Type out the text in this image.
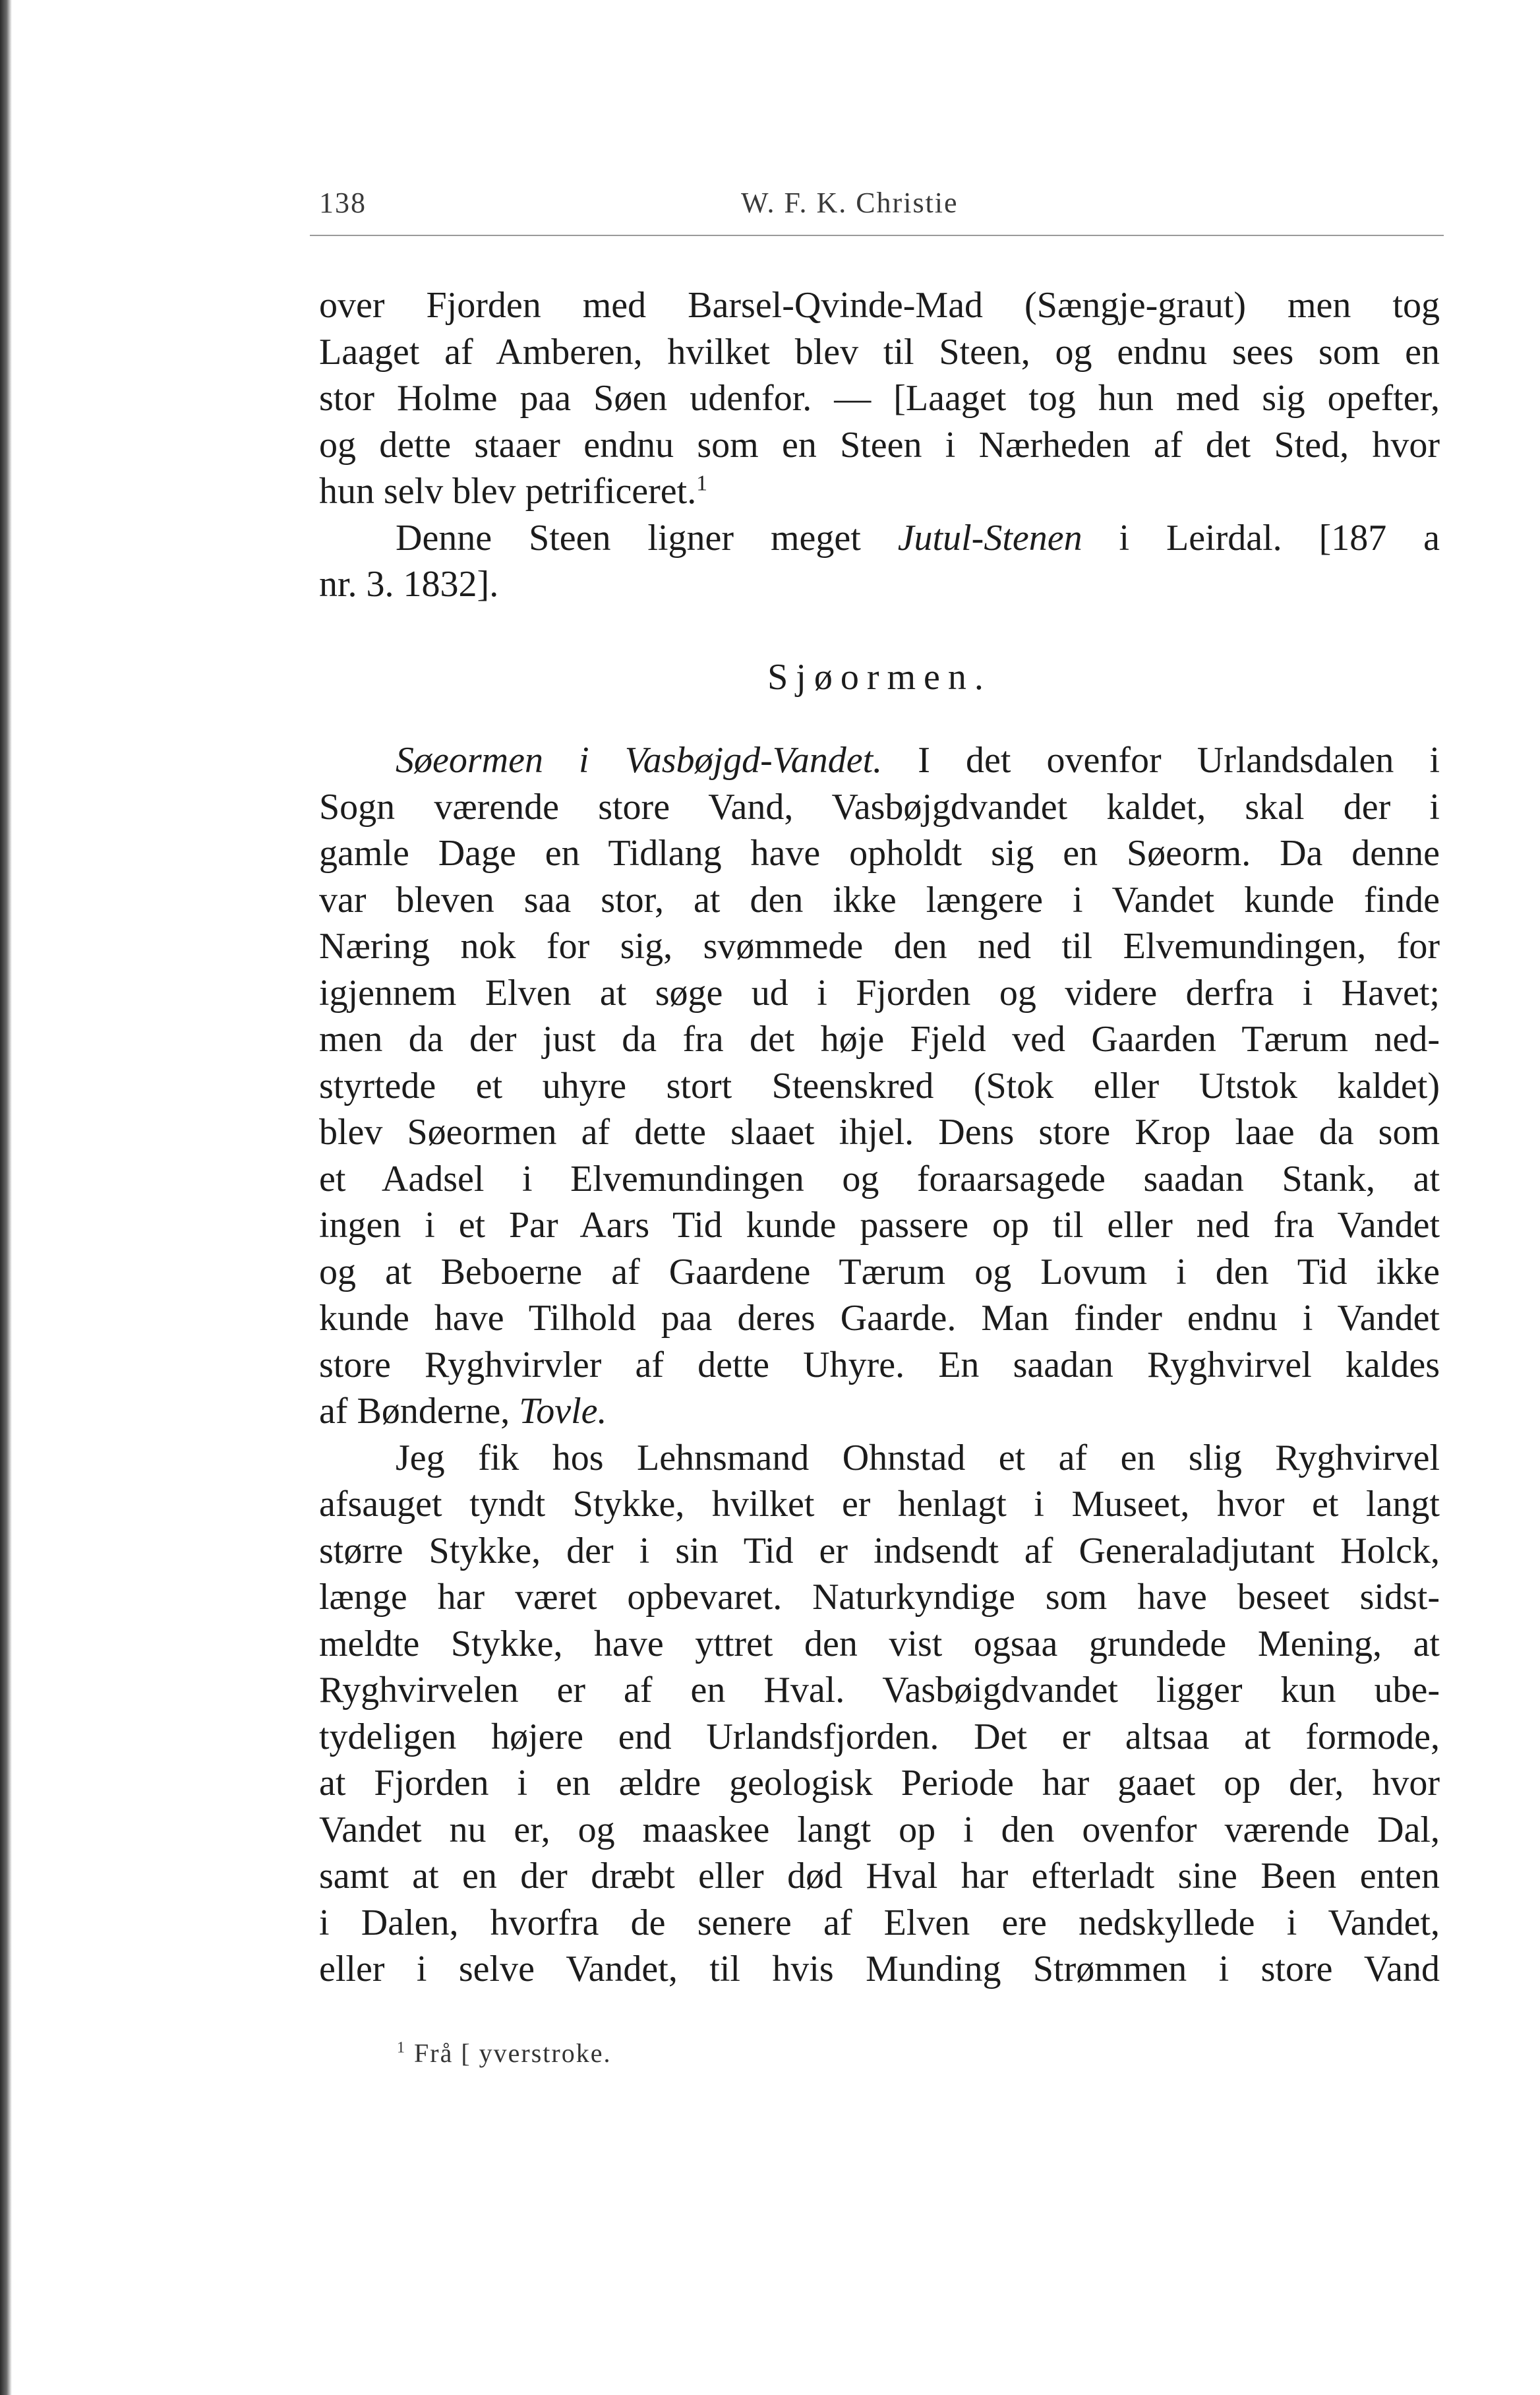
138	W. F. K. Christie
over Fjorden med Barsel-Qvinde-Mad (Sængje-graut) men tog
Laaget af Amberen, hvilket blev til Steen, og endnu sees som en
stor Holme paa Søen udenfor. — [Laaget tog hun med sig opefter,
og dette staaer endnu som en Steen i Nærheden af det Sted, hvor
hun selv blev petrificeret.$^1$
Denne Steen ligner meget Jutul-Stenen i Leirdal. [187 a
nr. 3. 1832].
Sjøormen.
Søeormen i Vasbøjgd-Vandet. I det ovenfor Urlandsdalen i
Sogn værende store Vand, Vasbøjgdvandet kaldet, skal der i
gamle Dage en Tidlang have opholdt sig en Søeorm. Da denne
var bleven saa stor, at den ikke længere i Vandet kunde finde
Næring nok for sig, svømmede den ned til Elvemundingen, for
igjennem Elven at søge ud i Fjorden og videre derfra i Havet;
men da der just da fra det høje Fjeld ved Gaarden Tærum ned-
styrtede et uhyre stort Steenskred (Stok eller Utstok kaldet)
blev Søeormen af dette slaaet ihjel. Dens store Krop laae da som
et Aadsel i Elvemundingen og foraarsagede saadan Stank, at
ingen i et Par Aars Tid kunde passere op til eller ned fra Vandet
og at Beboerne af Gaardene Tærum og Lovum i den Tid ikke
kunde have Tilhold paa deres Gaarde. Man finder endnu i Vandet
store Ryghvirvler af dette Uhyre. En saadan Ryghvirvel kaldes
af Bønderne, Tovle.
Jeg fik hos Lehnsmand Ohnstad et af en slig Ryghvirvel
afsauget tyndt Stykke, hvilket er henlagt i Museet, hvor et langt
større Stykke, der i sin Tid er indsendt af Generaladjutant Holck,
længe har været opbevaret. Naturkyndige som have beseet sidst-
meldte Stykke, have yttret den vist ogsaa grundede Mening, at
Ryghvirvelen er af en Hval. Vasbøigdvandet ligger kun ube-
tydeligen højere end Urlandsfjorden. Det er altsaa at formode,
at Fjorden i en ældre geologisk Periode har gaaet op der, hvor
Vandet nu er, og maaskee langt op i den ovenfor værende Dal,
samt at en der dræbt eller død Hval har efterladt sine Been enten
i Dalen, hvorfra de senere af Elven ere nedskyllede i Vandet,
eller i selve Vandet, til hvis Munding Strømmen i store Vand
$^1$ Frå [ yverstroke.
